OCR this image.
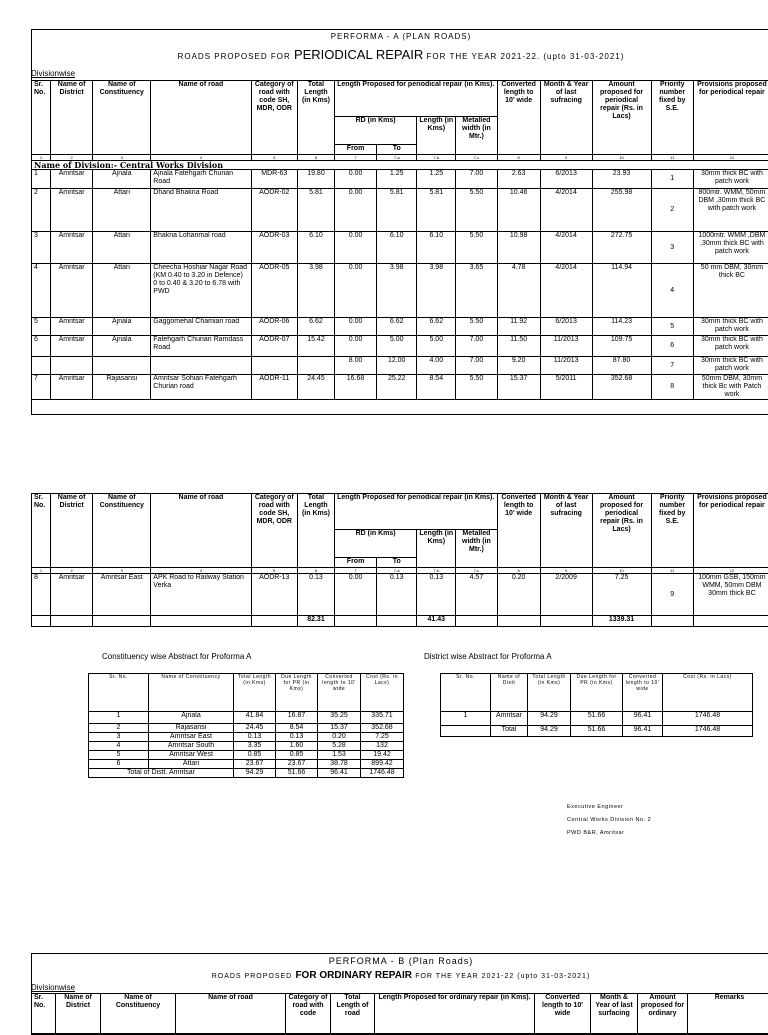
PERFORMA - A (PLAN ROADS)
ROADS PROPOSED FOR PERIODICAL REPAIR FOR THE YEAR 2021-22. (upto 31-03-2021)
Divisionwise
Sr. No.	Name of District	Name of Constituency	Name of road	Category of road with code SH, MDR, ODR	Total Length (in Kms)	Length Proposed for periodical repair (in Kms).				Converted length to 10' wide	Month & Year of last sufracing	Amount proposed for periodical repair (Rs. in Lacs)	Priority number fixed by S.E.	Provisions proposed for periodical repair
						RD (in Kms)		Length (in Kms)	Metalled width (in Mtr.)					
						From	To							
1	2	3	4	5	6	7	7-a	7-b	7-c	8	9	10	11	12
Name of Division:- Central Works Division														
1	Amritsar	Ajnala	Ajnala Fatehgarh Churian Road	MDR-63	19.80	0.00	1.25	1.25	7.00	2.63	6/2013	23.93	1	30mm thick BC with patch work
2	Amritsar	Attari	Dhand Bhakna Road	AODR-02	5.81	0.00	5.81	5.81	5.50	10.46	4/2014	255.98	2	800mtr. WMM, 50mm DBM ,30mm thick BC with patch work
3	Amritsar	Attari	Bhakna Loharimal road	AODR-03	6.10	0.00	6.10	6.10	5.50	10.98	4/2014	272.75	3	1000mtr. WMM ,DBM ,30mm thick BC with patch work
4	Amritsar	Attari	Cheecha Hoshiar Nagar Road (KM 0.40 to 3.20 in Defence) 0 to 0.40 & 3.20 to 6.78 with PWD	AODR-05	3.98	0.00	3.98	3.98	3.65	4.78	4/2014	114.94	4	50 mm DBM, 30mm thick BC
5	Amritsar	Ajnala	Gaggomehal Chamiari road	AODR-06	6.62	0.00	6.62	6.62	5.50	11.92	6/2013	114.23	5	30mm thick BC with patch work
6	Amritsar	Ajnala	Fatehgarh Churian Ramdass Road	AODR-07	15.42	0.00	5.00	5.00	7.00	11.50	11/2013	109.75	6	30mm thick BC with patch work
						8.00	12.00	4.00	7.00	9.20	11/2013	87.80	7	30mm thick BC with patch work
7	Amritsar	Rajasansi	Amritsar Sohian Fatehgarh Churian road	AODR-11	24.45	16.68	25.22	8.54	5.50	15.37	5/2011	352.68	8	50mm DBM, 30mm thick Bc with Patch work
Sr. No.	Name of District	Name of Constituency	Name of road	Category of road with code SH, MDR, ODR	Total Length (in Kms)	Length Proposed for periodical repair (in Kms).				Converted length to 10' wide	Month & Year of last sufracing	Amount proposed for periodical repair (Rs. in Lacs)	Priority number fixed by S.E.	Provisions proposed for periodical repair
						RD (in Kms)		Length (in Kms)	Metalled width (in Mtr.)					
						From	To							
1	2	3	4	5	6	7	7-a	7-b	7-c	8	9	10	11	12
8	Amritsar	Amritsar East	APK Road to Railway Station Verka	AODR-13	0.13	0.00	0.13	0.13	4.57	0.20	2/2009	7.25	9	100mm GSB, 150mm WMM, 50mm DBM 30mm thick BC
					82.31			41.43				1339.31		
Constituency wise Abstract for Proforma A
Sr. No.	Name of Constituency	Total Length (in Kms)	Due Length for PR (in Kms)	Converted length to 10' wide	Cost (Rs. in Lacs)
1	Ajnala	41.84	16.87	35.25	335.71
2	Rajasansi	24.45	8.54	15.37	352.68
3	Amritsar East	0.13	0.13	0.20	7.25
4	Amritsar South	3.35	1.60	5.28	132
5	Amritsar West	0.85	0.85	1.53	19.42
6	Attari	23.67	23.67	38.78	899.42
Total of Distt. Amritsar		94.29	51.66	96.41	1746.48
District wise Abstract for Proforma A
Sr. No.	Name of Distt	Total Length (in Kms)	Due Length for PR (in Kms)	Converted length to 10' wide	Cost (Rs. in Lacs)
1	Amritsar	94.29	51.66	96.41	1746.48
	Total	94.29	51.66	96.41	1746.48
Executive Engineer
Central Works Division No. 2
PWD B&R, Amritsar
PERFORMA - B (Plan Roads)
ROADS PROPOSED FOR ORDINARY REPAIR FOR THE YEAR 2021-22 (upto 31-03-2021)
Divisionwise
Sr. No.	Name of District	Name of Constituency	Name of road	Category of road with code	Total Length of road	Length Proposed for ordinary repair (in Kms).	Converted length to 10' wide	Month & Year of last surfacing	Amount proposed for ordinary	Remarks
